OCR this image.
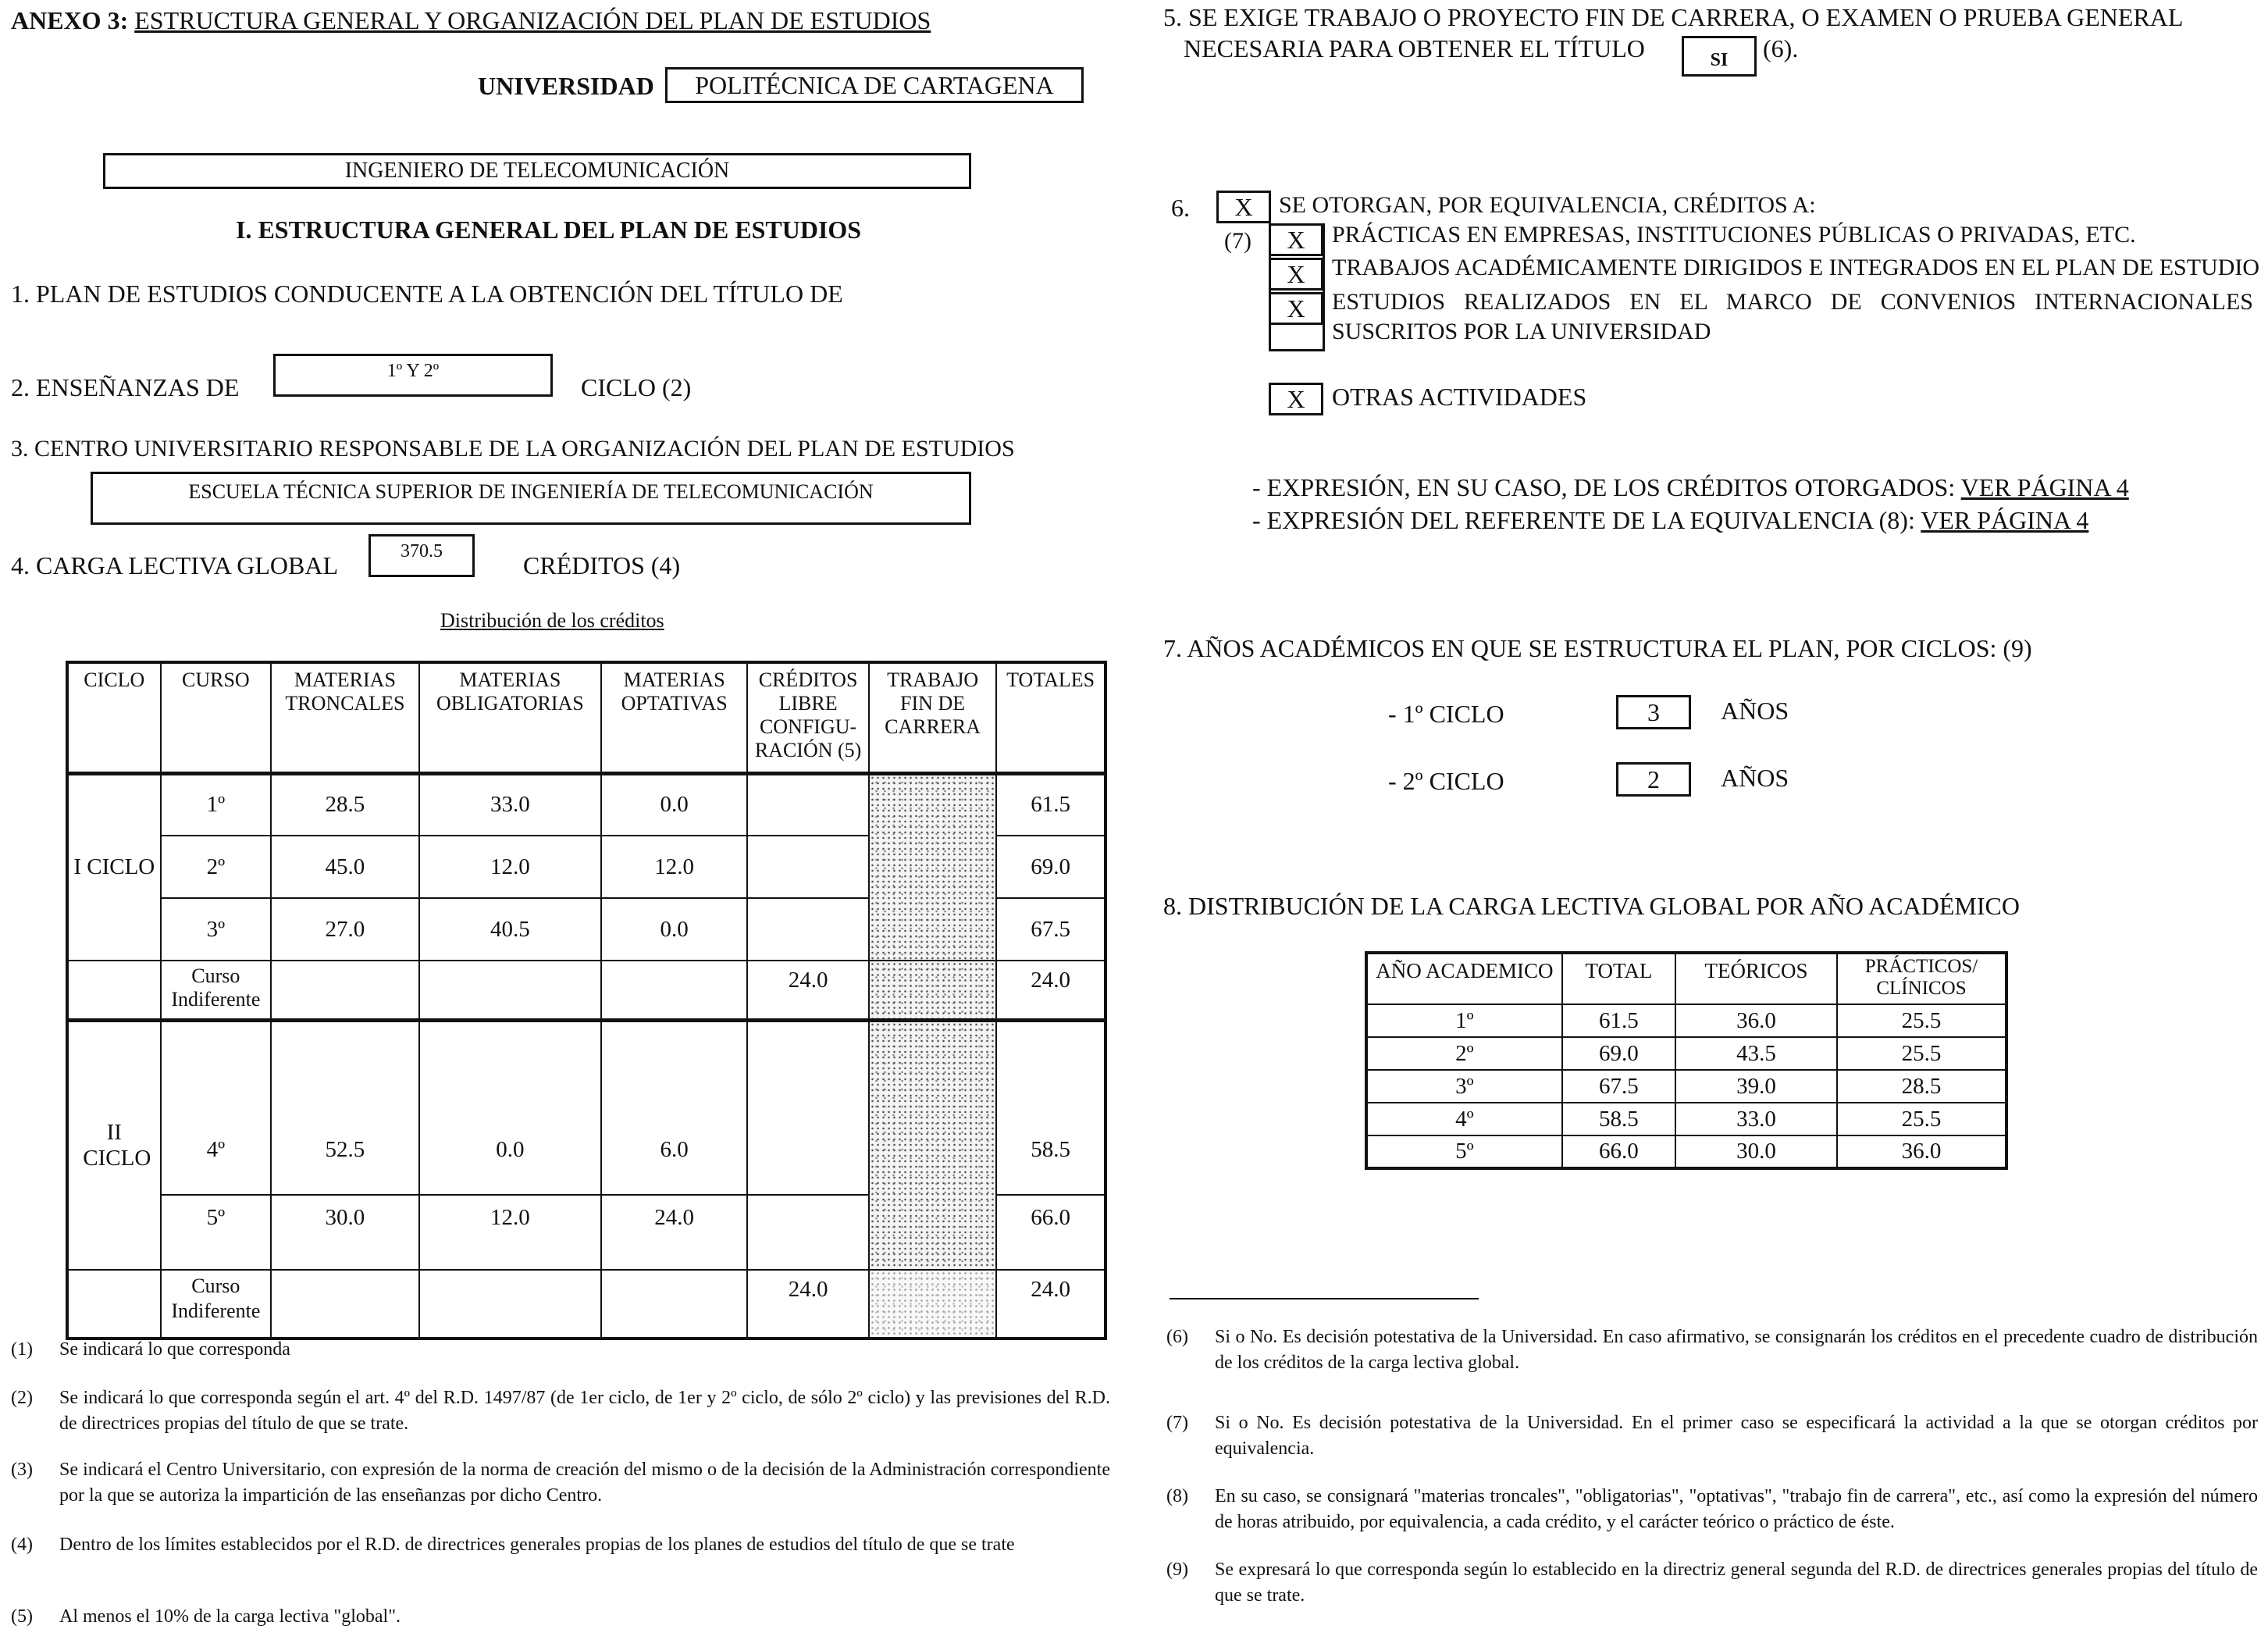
ANEXO 3: ESTRUCTURA GENERAL Y ORGANIZACIÓN DEL PLAN DE ESTUDIOS
UNIVERSIDAD POLITÉCNICA DE CARTAGENA
INGENIERO DE TELECOMUNICACIÓN
I. ESTRUCTURA GENERAL DEL PLAN DE ESTUDIOS
1. PLAN DE ESTUDIOS CONDUCENTE A LA OBTENCIÓN DEL TÍTULO DE
2. ENSEÑANZAS DE
1º Y 2º
CICLO (2)
3. CENTRO UNIVERSITARIO RESPONSABLE DE LA ORGANIZACIÓN DEL PLAN DE ESTUDIOS
ESCUELA TÉCNICA SUPERIOR DE INGENIERÍA DE TELECOMUNICACIÓN
4. CARGA LECTIVA GLOBAL	370.5	CRÉDITOS (4)
Distribución de los créditos
CICLO	CURSO	MATERIAS TRONCALES	MATERIAS OBLIGATORIAS	MATERIAS OPTATIVAS	CRÉDITOS LIBRE CONFIGU- RACIÓN (5)	TRABAJO FIN DE CARRERA	TOTALES
I CICLO	1º	28.5	33.0	0.0			61.5
	2º	45.0	12.0	12.0			69.0
	3º	27.0	40.5	0.0			67.5
	Curso Indiferente				24.0		24.0
II CICLO	4º	52.5	0.0	6.0			58.5
	5º	30.0	12.0	24.0			66.0
	Curso Indiferente				24.0		24.0
(1) Se indicará lo que corresponda
(2) Se indicará lo que corresponda según el art. 4º del R.D. 1497/87 (de 1er ciclo, de 1er y 2º ciclo, de sólo 2º ciclo) y las previsiones del R.D. de directrices propias del título de que se trate.
(3) Se indicará el Centro Universitario, con expresión de la norma de creación del mismo o de la decisión de la Administración correspondiente por la que se autoriza la impartición de las enseñanzas por dicho Centro.
(4) Dentro de los límites establecidos por el R.D. de directrices generales propias de los planes de estudios del título de que se trate
(5) Al menos el 10% de la carga lectiva "global".
5. SE EXIGE TRABAJO O PROYECTO FIN DE CARRERA, O EXAMEN O PRUEBA GENERAL
NECESARIA PARA OBTENER EL TÍTULO	SI (6).
6.
(7)
X SE OTORGAN, POR EQUIVALENCIA, CRÉDITOS A:
X PRÁCTICAS EN EMPRESAS, INSTITUCIONES PÚBLICAS O PRIVADAS, ETC.
X TRABAJOS ACADÉMICAMENTE DIRIGIDOS E INTEGRADOS EN EL PLAN DE ESTUDIO
X ESTUDIOS REALIZADOS EN EL MARCO DE CONVENIOS INTERNACIONALES
SUSCRITOS POR LA UNIVERSIDAD
X OTRAS ACTIVIDADES
- EXPRESIÓN, EN SU CASO, DE LOS CRÉDITOS OTORGADOS: VER PÁGINA 4
- EXPRESIÓN DEL REFERENTE DE LA EQUIVALENCIA (8): VER PÁGINA 4
7. AÑOS ACADÉMICOS EN QUE SE ESTRUCTURA EL PLAN, POR CICLOS: (9)
- 1º CICLO	3 AÑOS
- 2º CICLO	2 AÑOS
8. DISTRIBUCIÓN DE LA CARGA LECTIVA GLOBAL POR AÑO ACADÉMICO
AÑO ACADEMICO	TOTAL	TEÓRICOS	PRÁCTICOS/ CLÍNICOS
1º	61.5	36.0	25.5
2º	69.0	43.5	25.5
3º	67.5	39.0	28.5
4º	58.5	33.0	25.5
5º	66.0	30.0	36.0
(6) Si o No. Es decisión potestativa de la Universidad. En caso afirmativo, se consignarán los créditos en el precedente cuadro de distribución de los créditos de la carga lectiva global.
(7) Si o No. Es decisión potestativa de la Universidad. En el primer caso se especificará la actividad a la que se otorgan créditos por equivalencia.
(8) En su caso, se consignará "materias troncales", "obligatorias", "optativas", "trabajo fin de carrera", etc., así como la expresión del número de horas atribuido, por equivalencia, a cada crédito, y el carácter teórico o práctico de éste.
(9) Se expresará lo que corresponda según lo establecido en la directriz general segunda del R.D. de directrices generales propias del título de que se trate.
